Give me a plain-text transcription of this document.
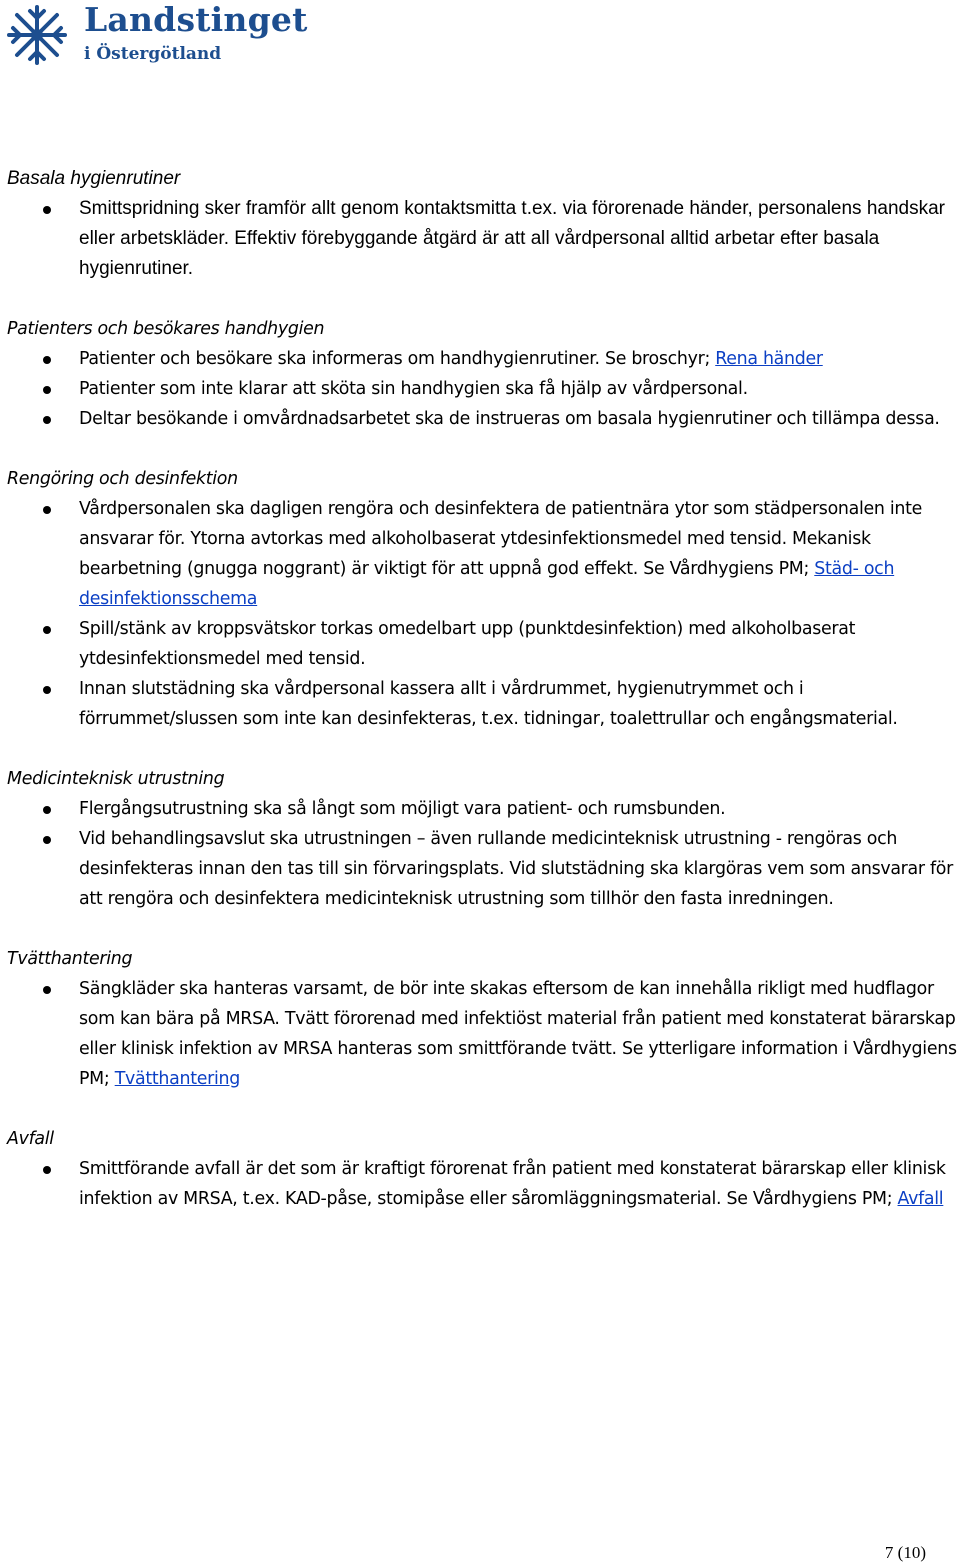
Landstinget
i Östergötland
Basala hygienrutiner
Smittspridning sker framför allt genom kontaktsmitta t.ex. via förorenade händer, personalens handskar eller arbetskläder. Effektiv förebyggande åtgärd är att all vårdpersonal alltid arbetar efter basala hygienrutiner.
Patienters och besökares handhygien
Patienter och besökare ska informeras om handhygienrutiner. Se broschyr; Rena händer
Patienter som inte klarar att sköta sin handhygien ska få hjälp av vårdpersonal.
Deltar besökande i omvårdnadsarbetet ska de instrueras om basala hygienrutiner och tillämpa dessa.
Rengöring och desinfektion
Vårdpersonalen ska dagligen rengöra och desinfektera de patientnära ytor som städpersonalen inte ansvarar för. Ytorna avtorkas med alkoholbaserat ytdesinfektionsmedel med tensid. Mekanisk bearbetning (gnugga noggrant) är viktigt för att uppnå god effekt. Se Vårdhygiens PM; Städ- och desinfektionsschema
Spill/stänk av kroppsvätskor torkas omedelbart upp (punktdesinfektion) med alkoholbaserat ytdesinfektionsmedel med tensid.
Innan slutstädning ska vårdpersonal kassera allt i vårdrummet, hygienutrymmet och i förrummet/slussen som inte kan desinfekteras, t.ex. tidningar, toalettrullar och engångsmaterial.
Medicinteknisk utrustning
Flergångsutrustning ska så långt som möjligt vara patient- och rumsbunden.
Vid behandlingsavslut ska utrustningen – även rullande medicinteknisk utrustning - rengöras och desinfekteras innan den tas till sin förvaringsplats. Vid slutstädning ska klargöras vem som ansvarar för att rengöra och desinfektera medicinteknisk utrustning som tillhör den fasta inredningen.
Tvätthantering
Sängkläder ska hanteras varsamt, de bör inte skakas eftersom de kan innehålla rikligt med hudflagor som kan bära på MRSA. Tvätt förorenad med infektiöst material från patient med konstaterat bärarskap eller klinisk infektion av MRSA hanteras som smittförande tvätt. Se ytterligare information i Vårdhygiens PM; Tvätthantering
Avfall
Smittförande avfall är det som är kraftigt förorenat från patient med konstaterat bärarskap eller klinisk infektion av MRSA, t.ex. KAD-påse, stomipåse eller såromläggningsmaterial. Se Vårdhygiens PM; Avfall
7 (10)
